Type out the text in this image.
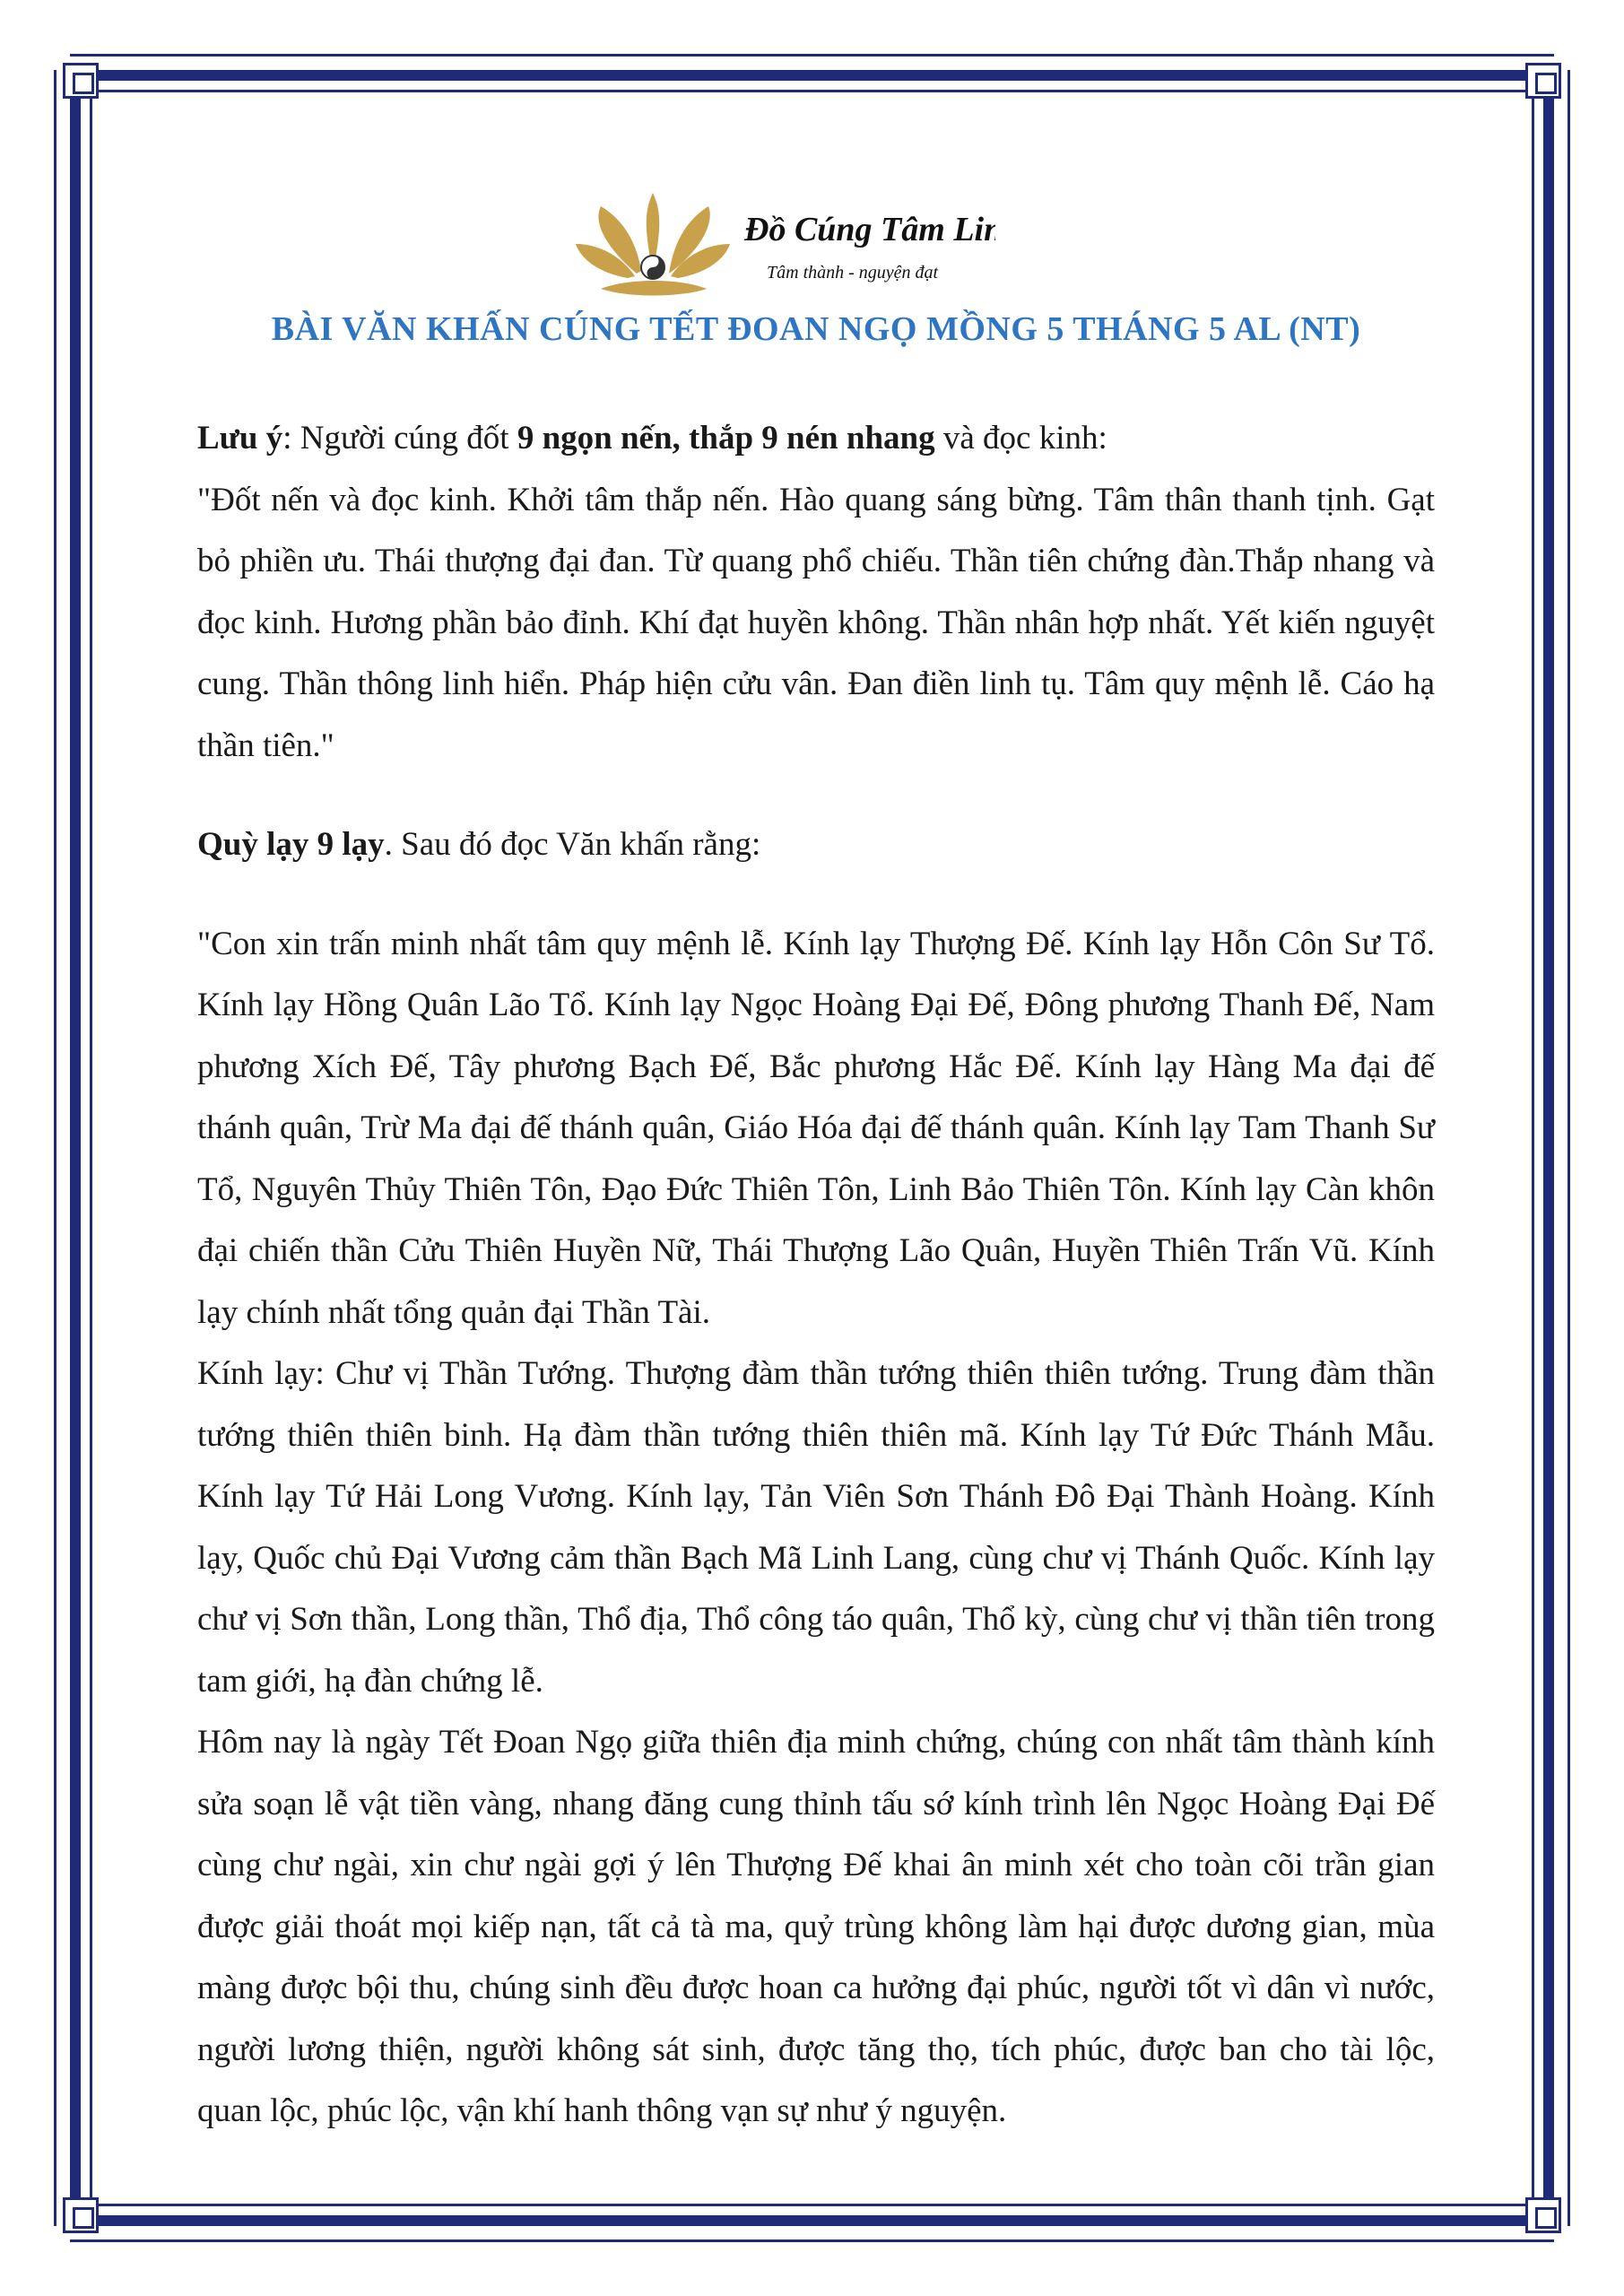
Đồ Cúng Tâm Linh
Tâm thành - nguyện đạt
BÀI VĂN KHẤN CÚNG TẾT ĐOAN NGỌ MỒNG 5 THÁNG 5 AL (NT)

Lưu ý: Người cúng đốt 9 ngọn nến, thắp 9 nén nhang và đọc kinh:
"Đốt nến và đọc kinh. Khởi tâm thắp nến. Hào quang sáng bừng. Tâm thân thanh tịnh. Gạt bỏ phiền ưu. Thái thượng đại đan. Từ quang phổ chiếu. Thần tiên chứng đàn.Thắp nhang và đọc kinh. Hương phần bảo đỉnh. Khí đạt huyền không. Thần nhân hợp nhất. Yết kiến nguyệt cung. Thần thông linh hiển. Pháp hiện cửu vân. Đan điền linh tụ. Tâm quy mệnh lễ. Cáo hạ thần tiên."

Quỳ lạy 9 lạy. Sau đó đọc Văn khấn rằng:

"Con xin trấn minh nhất tâm quy mệnh lễ. Kính lạy Thượng Đế. Kính lạy Hỗn Côn Sư Tổ. Kính lạy Hồng Quân Lão Tổ. Kính lạy Ngọc Hoàng Đại Đế, Đông phương Thanh Đế, Nam phương Xích Đế, Tây phương Bạch Đế, Bắc phương Hắc Đế. Kính lạy Hàng Ma đại đế thánh quân, Trừ Ma đại đế thánh quân, Giáo Hóa đại đế thánh quân. Kính lạy Tam Thanh Sư Tổ, Nguyên Thủy Thiên Tôn, Đạo Đức Thiên Tôn, Linh Bảo Thiên Tôn. Kính lạy Càn khôn đại chiến thần Cửu Thiên Huyền Nữ, Thái Thượng Lão Quân, Huyền Thiên Trấn Vũ. Kính lạy chính nhất tổng quản đại Thần Tài.

Kính lạy: Chư vị Thần Tướng. Thượng đàm thần tướng thiên thiên tướng. Trung đàm thần tướng thiên thiên binh. Hạ đàm thần tướng thiên thiên mã. Kính lạy Tứ Đức Thánh Mẫu. Kính lạy Tứ Hải Long Vương. Kính lạy, Tản Viên Sơn Thánh Đô Đại Thành Hoàng. Kính lạy, Quốc chủ Đại Vương cảm thần Bạch Mã Linh Lang, cùng chư vị Thánh Quốc. Kính lạy chư vị Sơn thần, Long thần, Thổ địa, Thổ công táo quân, Thổ kỳ, cùng chư vị thần tiên trong tam giới, hạ đàn chứng lễ.

Hôm nay là ngày Tết Đoan Ngọ giữa thiên địa minh chứng, chúng con nhất tâm thành kính sửa soạn lễ vật tiền vàng, nhang đăng cung thỉnh tấu sớ kính trình lên Ngọc Hoàng Đại Đế cùng chư ngài, xin chư ngài gợi ý lên Thượng Đế khai ân minh xét cho toàn cõi trần gian được giải thoát mọi kiếp nạn, tất cả tà ma, quỷ trùng không làm hại được dương gian, mùa màng được bội thu, chúng sinh đều được hoan ca hưởng đại phúc, người tốt vì dân vì nước, người lương thiện, người không sát sinh, được tăng thọ, tích phúc, được ban cho tài lộc, quan lộc, phúc lộc, vận khí hanh thông vạn sự như ý nguyện.
